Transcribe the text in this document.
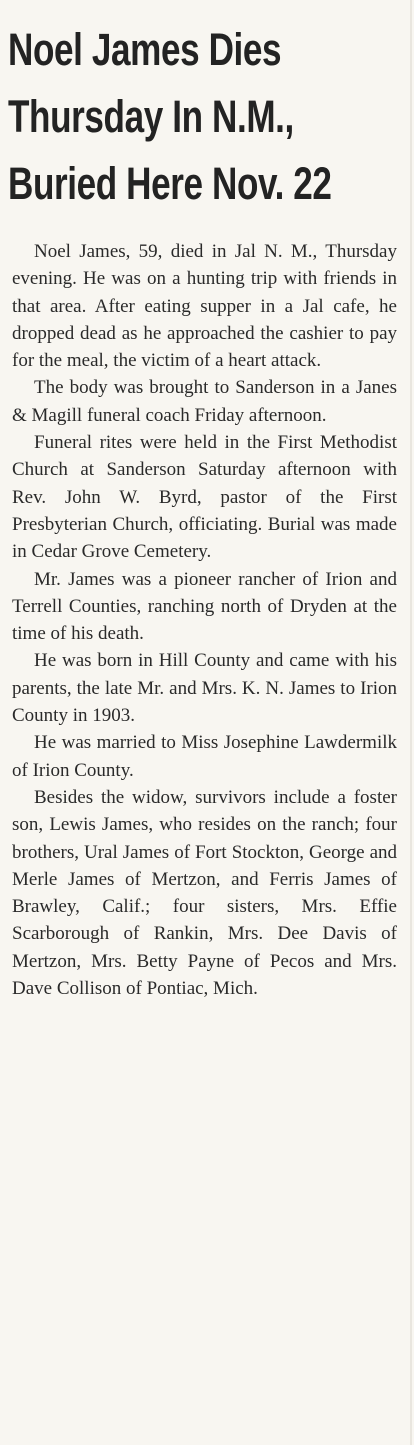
Noel James Dies
Thursday In N.M.,
Buried Here Nov. 22

Noel James, 59, died in Jal N. M., Thursday evening. He was on a hunting trip with friends in that area. After eating supper in a Jal cafe, he dropped dead as he approached the cashier to pay for the meal, the victim of a heart attack.

The body was brought to Sanderson in a Janes & Magill funeral coach Friday afternoon.

Funeral rites were held in the First Methodist Church at Sanderson Saturday afternoon with Rev. John W. Byrd, pastor of the First Presbyterian Church, officiating. Burial was made in Cedar Grove Cemetery.

Mr. James was a pioneer rancher of Irion and Terrell Counties, ranching north of Dryden at the time of his death.

He was born in Hill County and came with his parents, the late Mr. and Mrs. K. N. James to Irion County in 1903.

He was married to Miss Josephine Lawdermilk of Irion County.

Besides the widow, survivors include a foster son, Lewis James, who resides on the ranch; four brothers, Ural James of Fort Stockton, George and Merle James of Mertzon, and Ferris James of Brawley, Calif.; four sisters, Mrs. Effie Scarborough of Rankin, Mrs. Dee Davis of Mertzon, Mrs. Betty Payne of Pecos and Mrs. Dave Collison of Pontiac, Mich.
